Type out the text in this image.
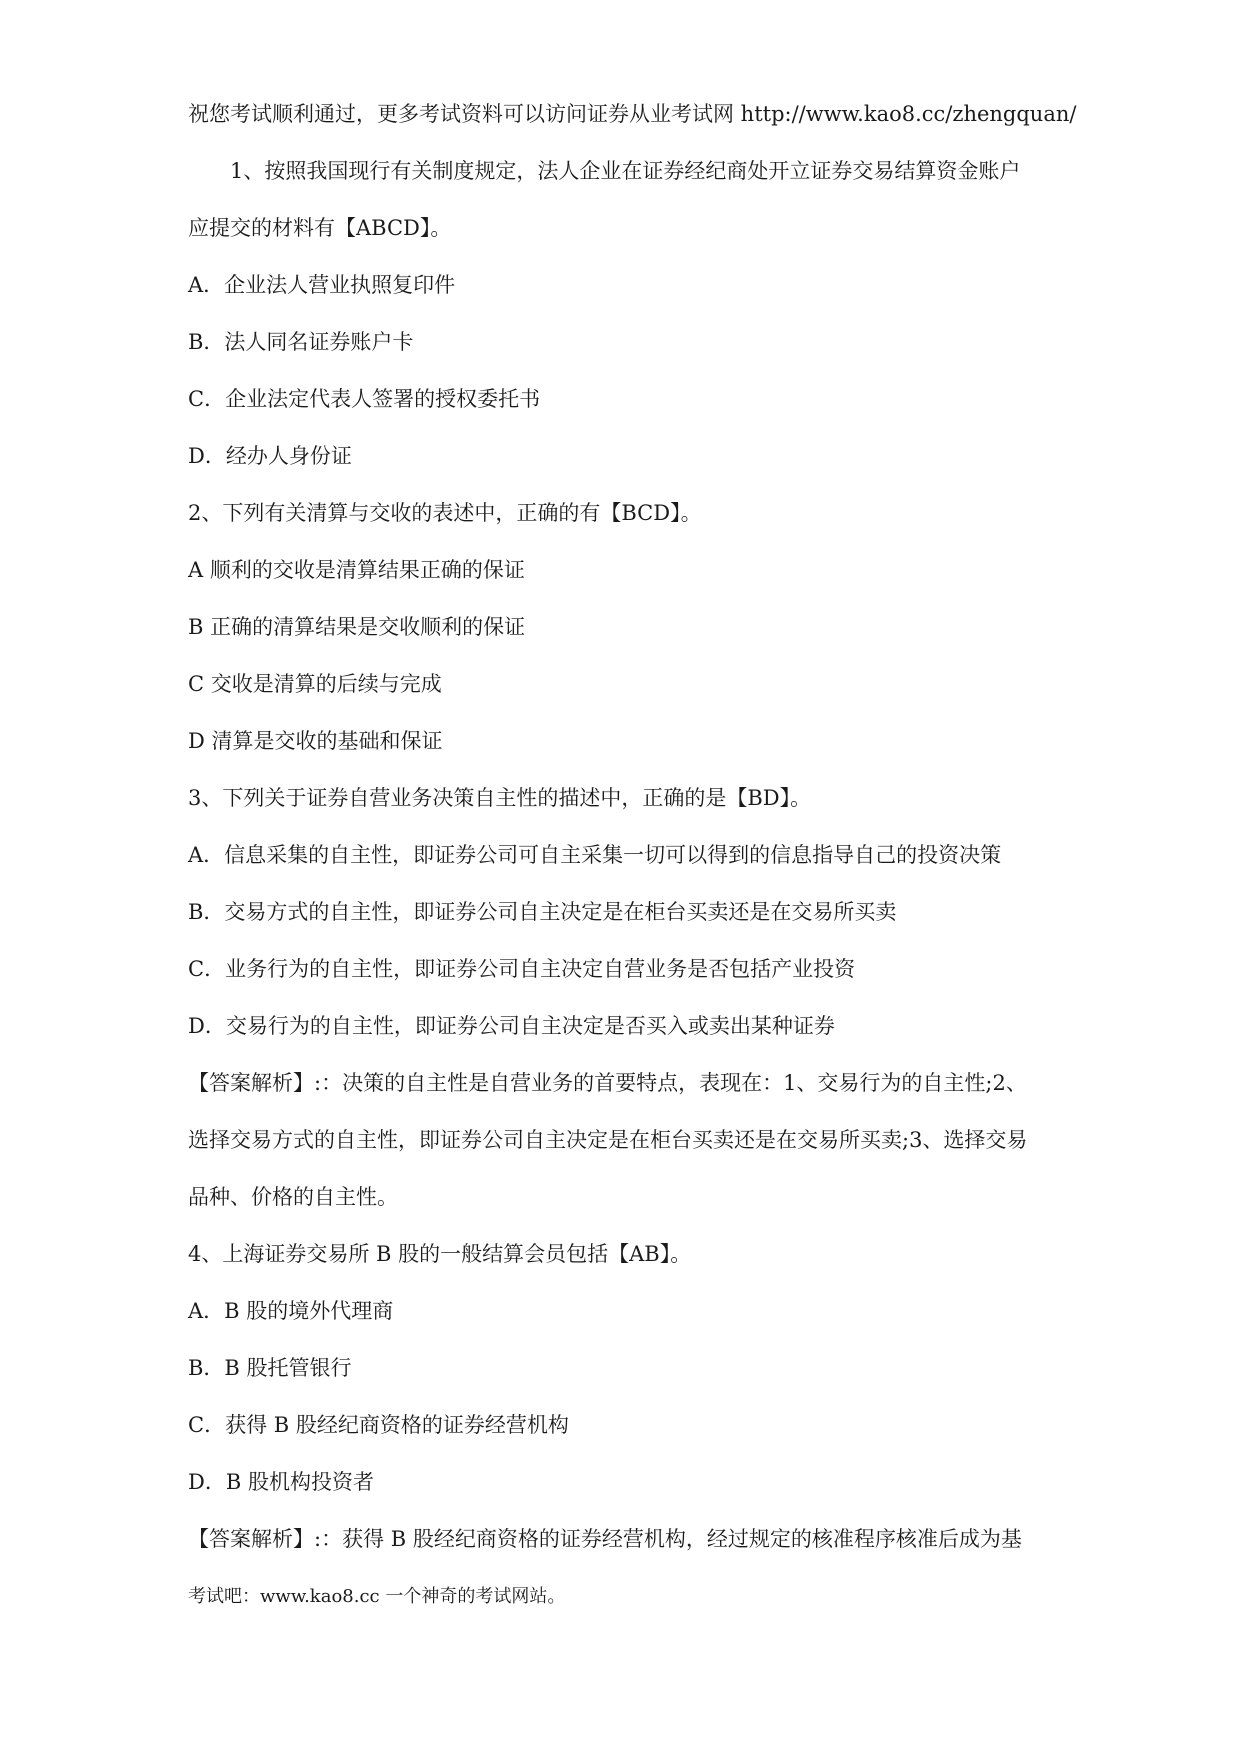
祝您考试顺利通过，更多考试资料可以访问证券从业考试网 http://www.kao8.cc/zhengquan/
1、按照我国现行有关制度规定，法人企业在证券经纪商处开立证券交易结算资金账户
应提交的材料有【ABCD】。
A．企业法人营业执照复印件
B．法人同名证券账户卡
C．企业法定代表人签署的授权委托书
D．经办人身份证
2、下列有关清算与交收的表述中，正确的有【BCD】。
A 顺利的交收是清算结果正确的保证
B 正确的清算结果是交收顺利的保证
C 交收是清算的后续与完成
D 清算是交收的基础和保证
3、下列关于证券自营业务决策自主性的描述中，正确的是【BD】。
A．信息采集的自主性，即证券公司可自主采集一切可以得到的信息指导自己的投资决策
B．交易方式的自主性，即证券公司自主决定是在柜台买卖还是在交易所买卖
C．业务行为的自主性，即证券公司自主决定自营业务是否包括产业投资
D．交易行为的自主性，即证券公司自主决定是否买入或卖出某种证券
【答案解析】:：决策的自主性是自营业务的首要特点，表现在：1、交易行为的自主性;2、
选择交易方式的自主性，即证券公司自主决定是在柜台买卖还是在交易所买卖;3、选择交易
品种、价格的自主性。
4、上海证券交易所 B 股的一般结算会员包括【AB】。
A．B 股的境外代理商
B．B 股托管银行
C．获得 B 股经纪商资格的证券经营机构
D．B 股机构投资者
【答案解析】:：获得 B 股经纪商资格的证券经营机构，经过规定的核准程序核准后成为基
考试吧：www.kao8.cc 一个神奇的考试网站。
